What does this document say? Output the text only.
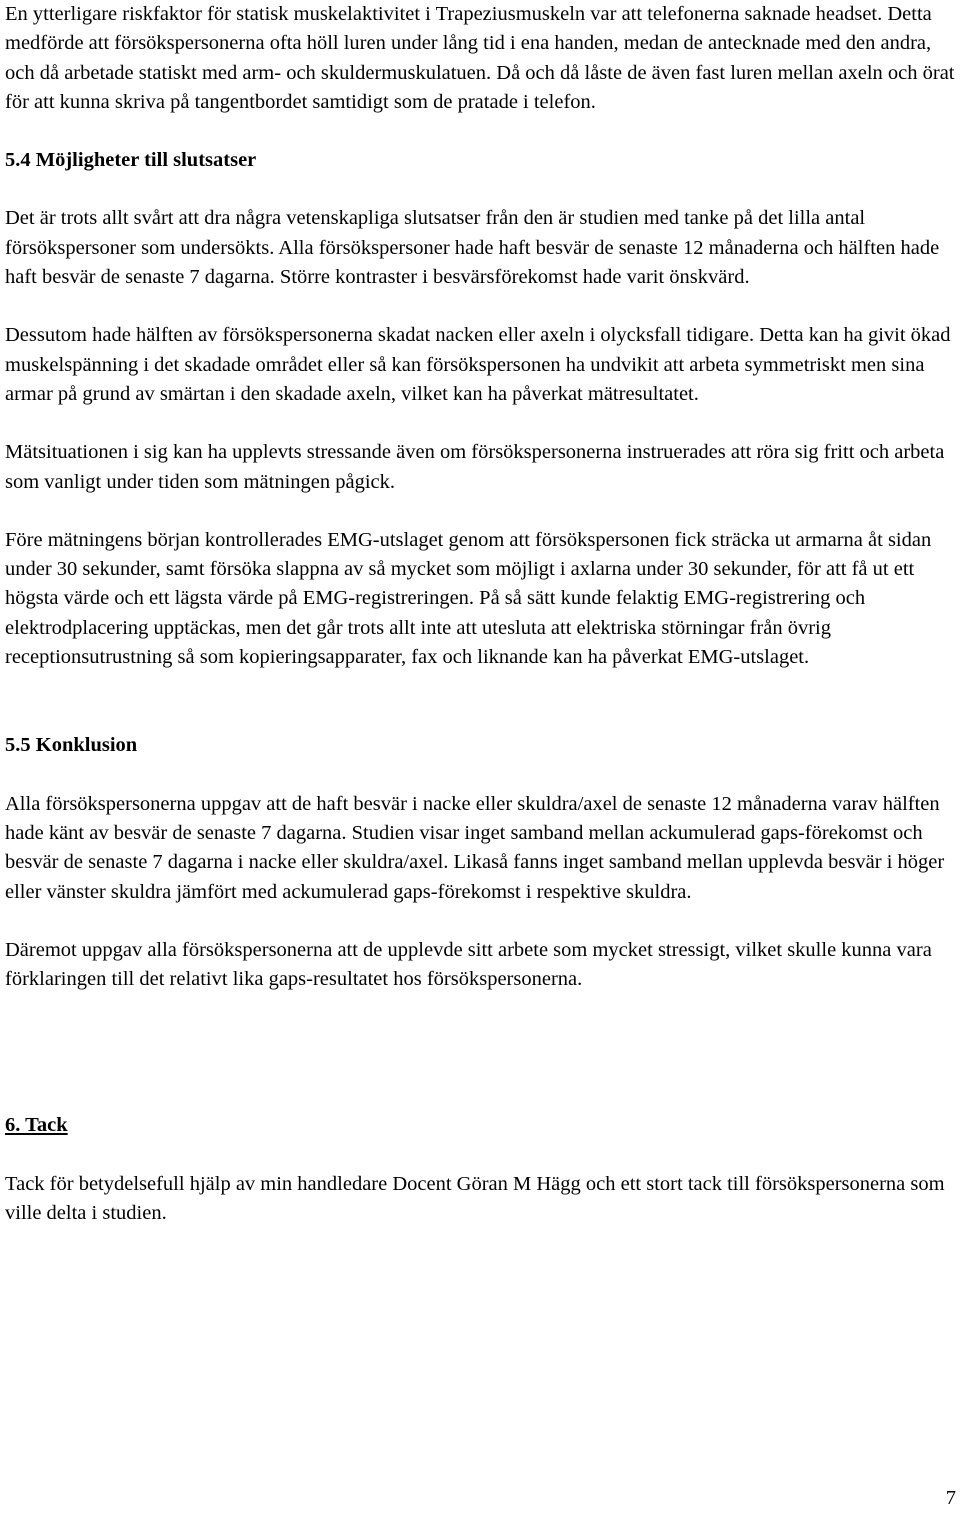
En ytterligare riskfaktor för statisk muskelaktivitet i Trapeziusmuskeln var att telefonerna saknade headset. Detta medförde att försökspersonerna ofta höll luren under lång tid i ena handen, medan de antecknade med den andra, och då arbetade statiskt med arm- och skuldermuskulatuen. Då och då låste de även fast luren mellan axeln och örat för att kunna skriva på tangentbordet samtidigt som de pratade i telefon.

5.4 Möjligheter till slutsatser

Det är trots allt svårt att dra några vetenskapliga slutsatser från den är studien med tanke på det lilla antal försökspersoner som undersökts. Alla försökspersoner hade haft besvär de senaste 12 månaderna och hälften hade haft besvär de senaste 7 dagarna. Större kontraster i besvärsförekomst hade varit önskvärd.

Dessutom hade hälften av försökspersonerna skadat nacken eller axeln i olycksfall tidigare. Detta kan ha givit ökad muskelspänning i det skadade området eller så kan försökspersonen ha undvikit att arbeta symmetriskt men sina armar på grund av smärtan i den skadade axeln, vilket kan ha påverkat mätresultatet.

Mätsituationen i sig kan ha upplevts stressande även om försökspersonerna instruerades att röra sig fritt och arbeta som vanligt under tiden som mätningen pågick.

Före mätningens början kontrollerades EMG-utslaget genom att försökspersonen fick sträcka ut armarna åt sidan under 30 sekunder, samt försöka slappna av så mycket som möjligt i axlarna under 30 sekunder, för att få ut ett högsta värde och ett lägsta värde på EMG-registreringen. På så sätt kunde felaktig EMG-registrering och elektrodplacering upptäckas, men det går trots allt inte att utesluta att elektriska störningar från övrig receptionsutrustning så som kopieringsapparater, fax och liknande kan ha påverkat EMG-utslaget.

5.5 Konklusion

Alla försökspersonerna uppgav att de haft besvär i nacke eller skuldra/axel de senaste 12 månaderna varav hälften hade känt av besvär de senaste 7 dagarna. Studien visar inget samband mellan ackumulerad gaps-förekomst och besvär de senaste 7 dagarna i nacke eller skuldra/axel. Likaså fanns inget samband mellan upplevda besvär i höger eller vänster skuldra jämfört med ackumulerad gaps-förekomst i respektive skuldra.

Däremot uppgav alla försökspersonerna att de upplevde sitt arbete som mycket stressigt, vilket skulle kunna vara förklaringen till det relativt lika gaps-resultatet hos försökspersonerna.

6. Tack

Tack för betydelsefull hjälp av min handledare Docent Göran M Hägg och ett stort tack till försökspersonerna som ville delta i studien.

7
